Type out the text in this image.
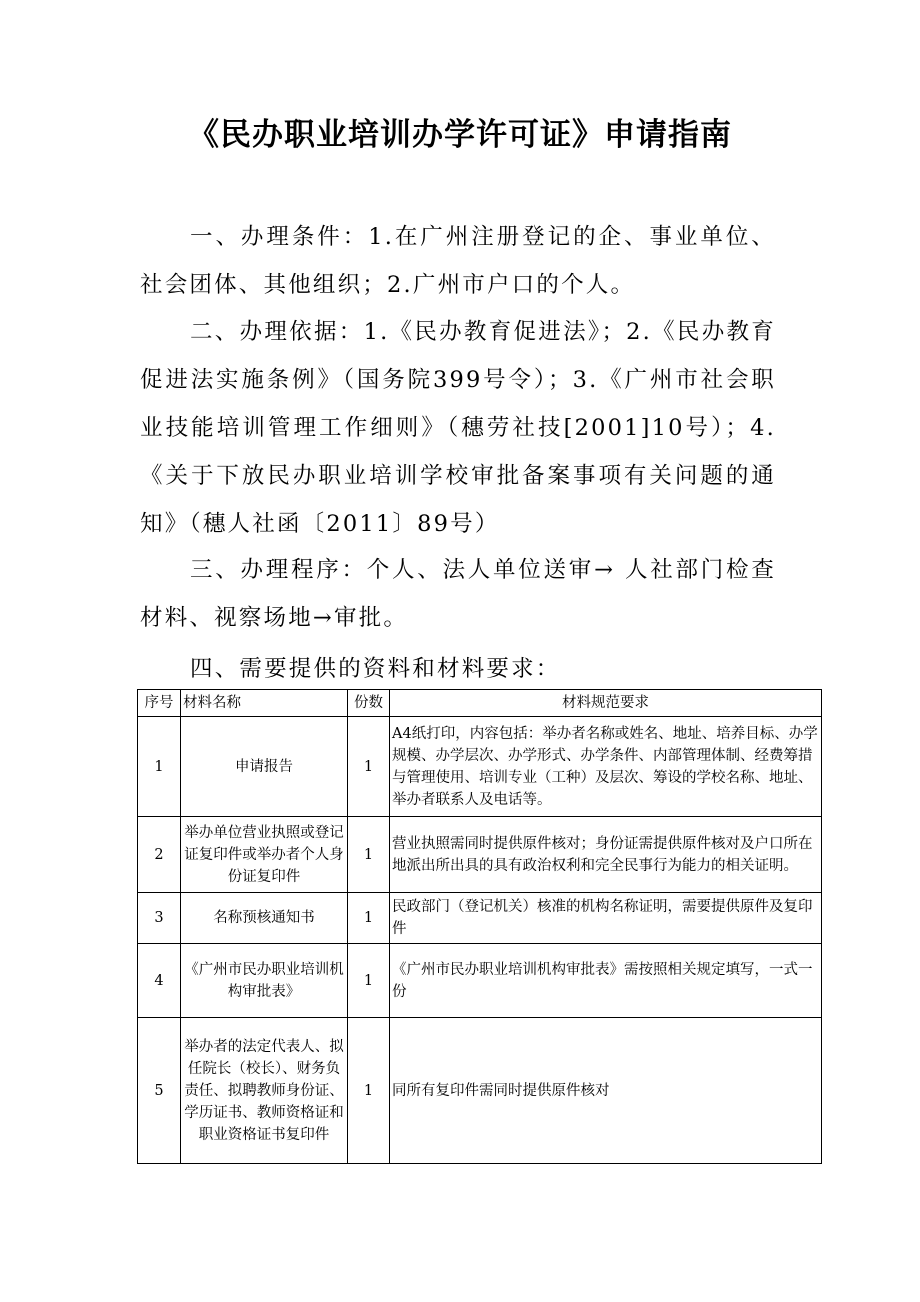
《民办职业培训办学许可证》申请指南

一、办理条件：1.在广州注册登记的企、事业单位、社会团体、其他组织；2.广州市户口的个人。

二、办理依据：1.《民办教育促进法》；2.《民办教育促进法实施条例》（国务院399号令）；3.《广州市社会职业技能培训管理工作细则》（穗劳社技[2001]10号）；4.《关于下放民办职业培训学校审批备案事项有关问题的通知》（穗人社函〔2011〕89号）

三、办理程序：个人、法人单位送审→ 人社部门检查材料、视察场地→审批。

四、需要提供的资料和材料要求：

序号	材料名称	份数	材料规范要求
1	申请报告	1	A4纸打印，内容包括：举办者名称或姓名、地址、培养目标、办学规模、办学层次、办学形式、办学条件、内部管理体制、经费筹措与管理使用、培训专业（工种）及层次、筹设的学校名称、地址、举办者联系人及电话等。
2	举办单位营业执照或登记证复印件或举办者个人身份证复印件	1	营业执照需同时提供原件核对；身份证需提供原件核对及户口所在地派出所出具的具有政治权利和完全民事行为能力的相关证明。
3	名称预核通知书	1	民政部门（登记机关）核准的机构名称证明，需要提供原件及复印件
4	《广州市民办职业培训机构审批表》	1	《广州市民办职业培训机构审批表》需按照相关规定填写，一式一份
5	举办者的法定代表人、拟任院长（校长）、财务负责任、拟聘教师身份证、学历证书、教师资格证和职业资格证书复印件	1	同所有复印件需同时提供原件核对
